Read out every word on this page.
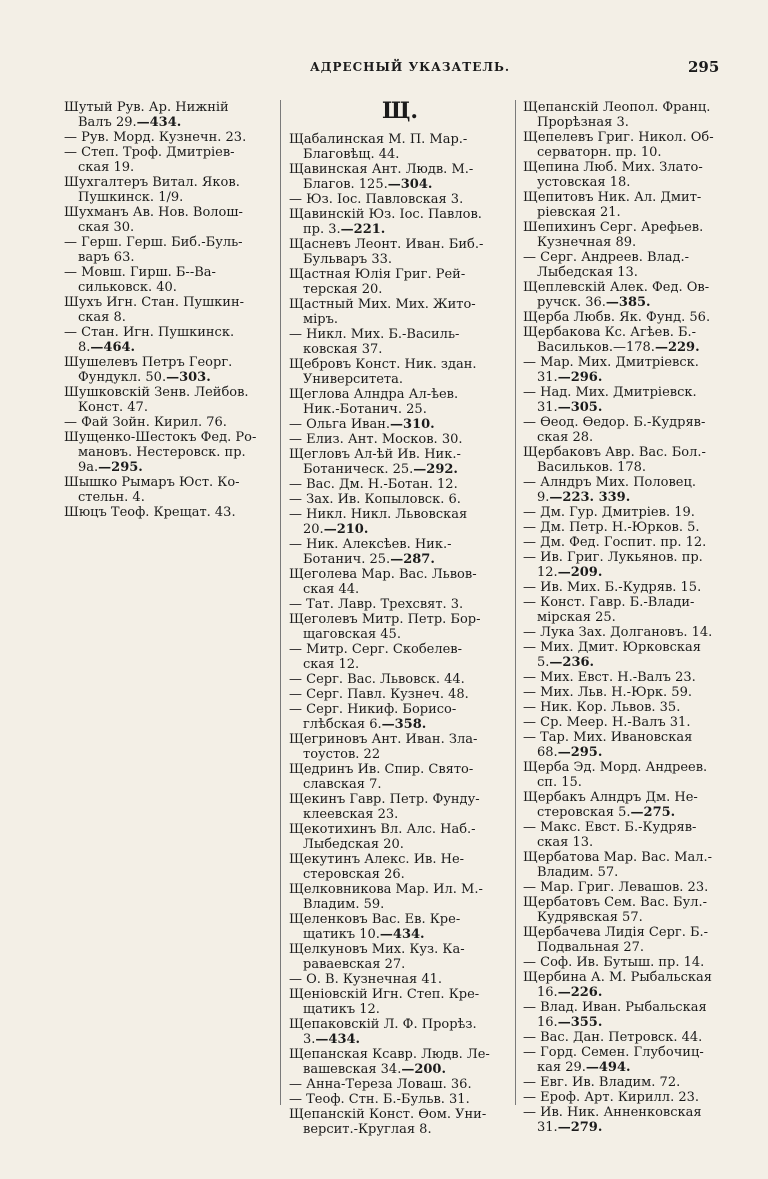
АДРЕСНЫЙ УКАЗАТЕЛЬ.	295
Шутый Рув. Ар. Нижній
Валъ 29.—434.
— Рув. Морд. Кузнечн. 23.
— Степ. Троф. Дмитріев-
ская 19.
Шухгалтеръ Витал. Яков.
Пушкинск. 1/9.
Шухманъ Ав. Нов. Волош-
ская 30.
— Герш. Герш. Биб.-Буль-
варъ 63.
— Мовш. Гирш. Б--Ва-
сильковск. 40.
Шухъ Игн. Стан. Пушкин-
ская 8.
— Стан. Игн. Пушкинск.
8.—464.
Шушелевъ Петръ Георг.
Фундукл. 50.—303.
Шушковскій Зенв. Лейбов.
Конст. 47.
— Фай Зойн. Кирил. 76.
Шущенко-Шестокъ Фед. Ро-
мановъ. Нестеровск. пр.
9а.—295.
Шышко Рымаръ Юст. Ко-
стельн. 4.
Шюцъ Теоф. Крещат. 43.
Щ.
Щабалинская М. П. Мар.-
Благовѣщ. 44.
Щавинская Ант. Людв. М.-
Благов. 125.—304.
— Юз. Іос. Павловская 3.
Щавинскій Юз. Іос. Павлов.
пр. 3.—221.
Щасневъ Леонт. Иван. Биб.-
Бульваръ 33.
Щастная Юлія Григ. Рей-
терская 20.
Щастный Мих. Мих. Жито-
міръ.
— Никл. Мих. Б.-Василь-
ковская 37.
Щебровъ Конст. Ник. здан.
Университета.
Щеглова Алндра Ал-ѣев.
Ник.-Ботанич. 25.
— Ольга Иван.—310.
— Елиз. Ант. Москов. 30.
Щегловъ Ал-ѣй Ив. Ник.-
Ботаническ. 25.—292.
— Вас. Дм. Н.-Ботан. 12.
— Зах. Ив. Копыловск. 6.
— Никл. Никл. Львовская
20.—210.
— Ник. Алексѣев. Ник.-
Ботанич. 25.—287.
Щеголева Мар. Вас. Львов-
ская 44.
— Тат. Лавр. Трехсвят. 3.
Щеголевъ Митр. Петр. Бор-
щаговская 45.
— Митр. Серг. Скобелев-
ская 12.
— Серг. Вас. Львовск. 44.
— Серг. Павл. Кузнеч. 48.
— Серг. Никиф. Борисо-
глѣбская 6.—358.
Щегриновъ Ант. Иван. Зла-
тоустов. 22
Щедринъ Ив. Спир. Свято-
славская 7.
Щекинъ Гавр. Петр. Фунду-
клеевская 23.
Щекотихинъ Вл. Алс. Наб.-
Лыбедская 20.
Щекутинъ Алекс. Ив. Не-
стеровская 26.
Щелковникова Мар. Ил. М.-
Владим. 59.
Щеленковъ Вас. Ев. Кре-
щатикъ 10.—434.
Щелкуновъ Мих. Куз. Ка-
раваевская 27.
— О. В. Кузнечная 41.
Щеніовскій Игн. Степ. Кре-
щатикъ 12.
Щепаковскій Л. Ф. Прорѣз.
3.—434.
Щепанская Ксавр. Людв. Ле-
вашевская 34.—200.
— Анна-Тереза Ловаш. 36.
— Теоф. Стн. Б.-Бульв. 31.
Щепанскій Конст. Ѳом. Уни-
версит.-Круглая 8.
Щепанскій Леопол. Франц.
Прорѣзная 3.
Щепелевъ Григ. Никол. Об-
серваторн. пр. 10.
Щепина Люб. Мих. Злато-
устовская 18.
Щепитовъ Ник. Ал. Дмит-
ріевская 21.
Шепихинъ Серг. Арефьев.
Кузнечная 89.
— Серг. Андреев. Влад.-
Лыбедская 13.
Щеплевскій Алек. Фед. Ов-
ручск. 36.—385.
Щерба Любв. Як. Фунд. 56.
Щербакова Кс. Агѣев. Б.-
Васильков.—178.—229.
— Мар. Мих. Дмитріевск.
31.—296.
— Над. Мих. Дмитріевск.
31.—305.
— Ѳеод. Ѳедор. Б.-Кудряв-
ская 28.
Щербаковъ Авр. Вас. Бол.-
Васильков. 178.
— Алндръ Мих. Половец.
9.—223. 339.
— Дм. Гур. Дмитріев. 19.
— Дм. Петр. Н.-Юрков. 5.
— Дм. Фед. Госпит. пр. 12.
— Ив. Григ. Лукьянов. пр.
12.—209.
— Ив. Мих. Б.-Кудряв. 15.
— Конст. Гавр. Б.-Влади-
мірская 25.
— Лука Зах. Долгановъ. 14.
— Мих. Дмит. Юрковская
5.—236.
— Мих. Евст. Н.-Валъ 23.
— Мих. Льв. Н.-Юрк. 59.
— Ник. Кор. Львов. 35.
— Ср. Меер. Н.-Валъ 31.
— Тар. Мих. Ивановская
68.—295.
Щерба Эд. Морд. Андреев.
сп. 15.
Щербакъ Алндръ Дм. Не-
стеровская 5.—275.
— Макс. Евст. Б.-Кудряв-
ская 13.
Щербатова Мар. Вас. Мал.-
Владим. 57.
— Мар. Григ. Левашов. 23.
Щербатовъ Сем. Вас. Бул.-
Кудрявская 57.
Щербачева Лидія Серг. Б.-
Подвальная 27.
— Соф. Ив. Бутыш. пр. 14.
Щербина А. М. Рыбальская
16.—226.
— Влад. Иван. Рыбальская
16.—355.
— Вас. Дан. Петровск. 44.
— Горд. Семен. Глубочиц-
кая 29.—494.
— Евг. Ив. Владим. 72.
— Ероф. Арт. Кирилл. 23.
— Ив. Ник. Анненковская
31.—279.
